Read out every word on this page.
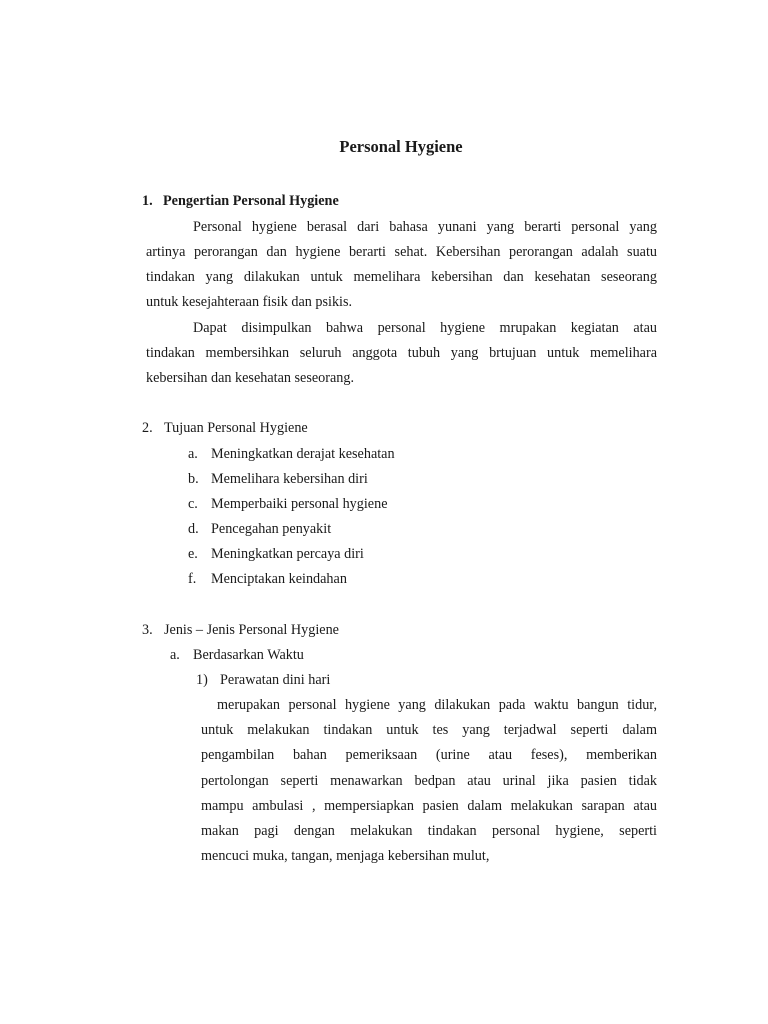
Personal Hygiene
1. Pengertian Personal Hygiene
Personal hygiene berasal dari bahasa yunani yang berarti personal yang
artinya perorangan dan hygiene berarti sehat. Kebersihan perorangan adalah suatu
tindakan yang dilakukan untuk memelihara kebersihan dan kesehatan seseorang
untuk kesejahteraan fisik dan psikis.
Dapat disimpulkan bahwa personal hygiene mrupakan kegiatan atau
tindakan membersihkan seluruh anggota tubuh yang brtujuan untuk memelihara
kebersihan dan kesehatan seseorang.
2. Tujuan Personal Hygiene
a. Meningkatkan derajat kesehatan
b. Memelihara kebersihan diri
c. Memperbaiki personal hygiene
d. Pencegahan penyakit
e. Meningkatkan percaya diri
f. Menciptakan keindahan
3. Jenis – Jenis Personal Hygiene
a. Berdasarkan Waktu
1) Perawatan dini hari
merupakan personal hygiene yang dilakukan pada waktu bangun tidur,
untuk melakukan tindakan untuk tes yang terjadwal seperti dalam
pengambilan bahan pemeriksaan (urine atau feses), memberikan
pertolongan seperti menawarkan bedpan atau urinal jika pasien tidak
mampu ambulasi , mempersiapkan pasien dalam melakukan sarapan atau
makan pagi dengan melakukan tindakan personal hygiene, seperti
mencuci muka, tangan, menjaga kebersihan mulut,
